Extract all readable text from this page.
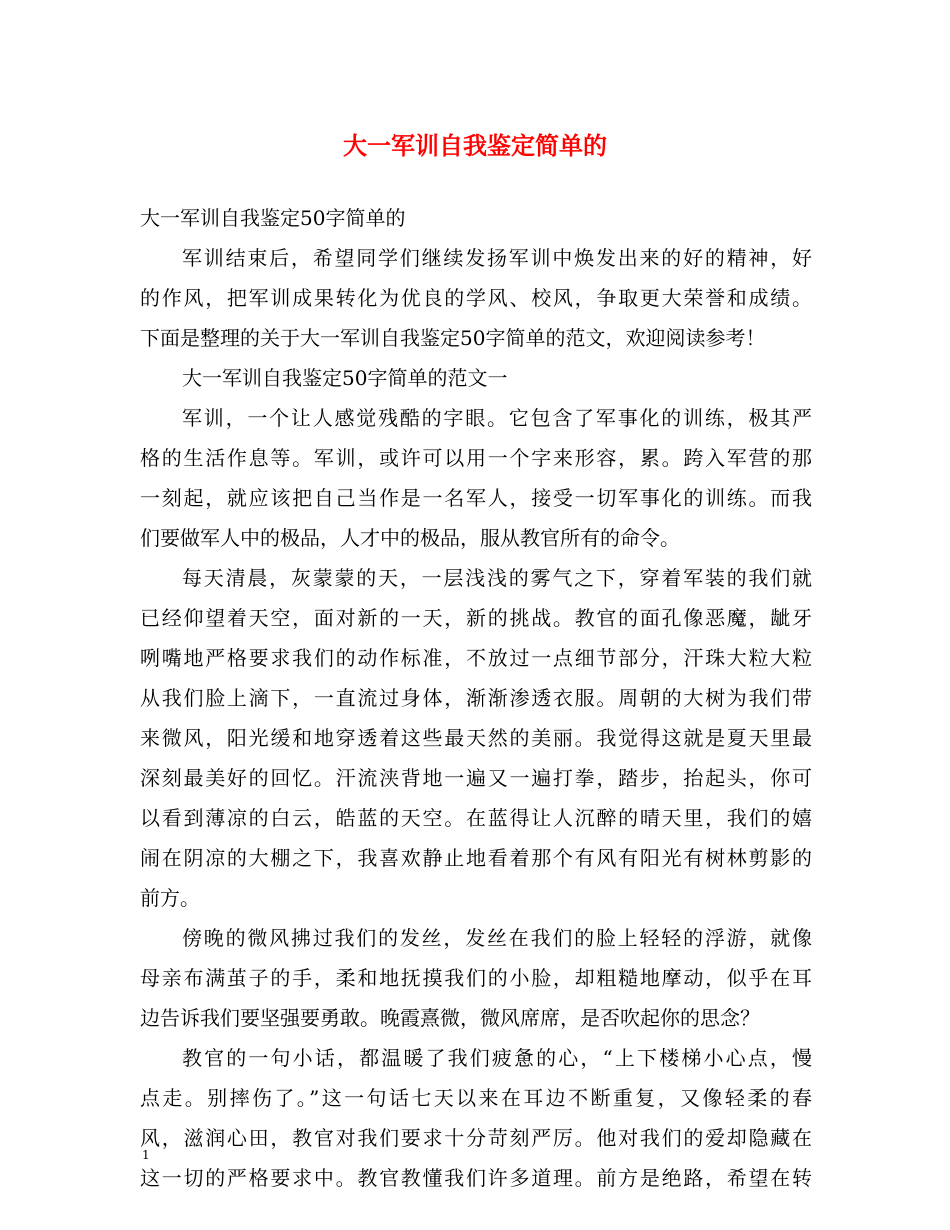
大一军训自我鉴定简单的
大一军训自我鉴定50字简单的
军训结束后，希望同学们继续发扬军训中焕发出来的好的精神，好
的作风，把军训成果转化为优良的学风、校风，争取更大荣誉和成绩。
下面是整理的关于大一军训自我鉴定50字简单的范文，欢迎阅读参考！
大一军训自我鉴定50字简单的范文一
军训，一个让人感觉残酷的字眼。它包含了军事化的训练，极其严
格的生活作息等。军训，或许可以用一个字来形容，累。跨入军营的那
一刻起，就应该把自己当作是一名军人，接受一切军事化的训练。而我
们要做军人中的极品，人才中的极品，服从教官所有的命令。
每天清晨，灰蒙蒙的天，一层浅浅的雾气之下，穿着军装的我们就
已经仰望着天空，面对新的一天，新的挑战。教官的面孔像恶魔，龇牙
咧嘴地严格要求我们的动作标准，不放过一点细节部分，汗珠大粒大粒
从我们脸上滴下，一直流过身体，渐渐渗透衣服。周朝的大树为我们带
来微风，阳光缓和地穿透着这些最天然的美丽。我觉得这就是夏天里最
深刻最美好的回忆。汗流浃背地一遍又一遍打拳，踏步，抬起头，你可
以看到薄凉的白云，皓蓝的天空。在蓝得让人沉醉的晴天里，我们的嬉
闹在阴凉的大棚之下，我喜欢静止地看着那个有风有阳光有树林剪影的
前方。
傍晚的微风拂过我们的发丝，发丝在我们的脸上轻轻的浮游，就像
母亲布满茧子的手，柔和地抚摸我们的小脸，却粗糙地摩动，似乎在耳
边告诉我们要坚强要勇敢。晚霞熹微，微风席席，是否吹起你的思念？
教官的一句小话，都温暖了我们疲惫的心，“上下楼梯小心点，慢
点走。别摔伤了。”这一句话七天以来在耳边不断重复，又像轻柔的春
风，滋润心田，教官对我们要求十分苛刻严厉。他对我们的爱却隐藏在
这一切的严格要求中。教官教懂我们许多道理。前方是绝路，希望在转
1
